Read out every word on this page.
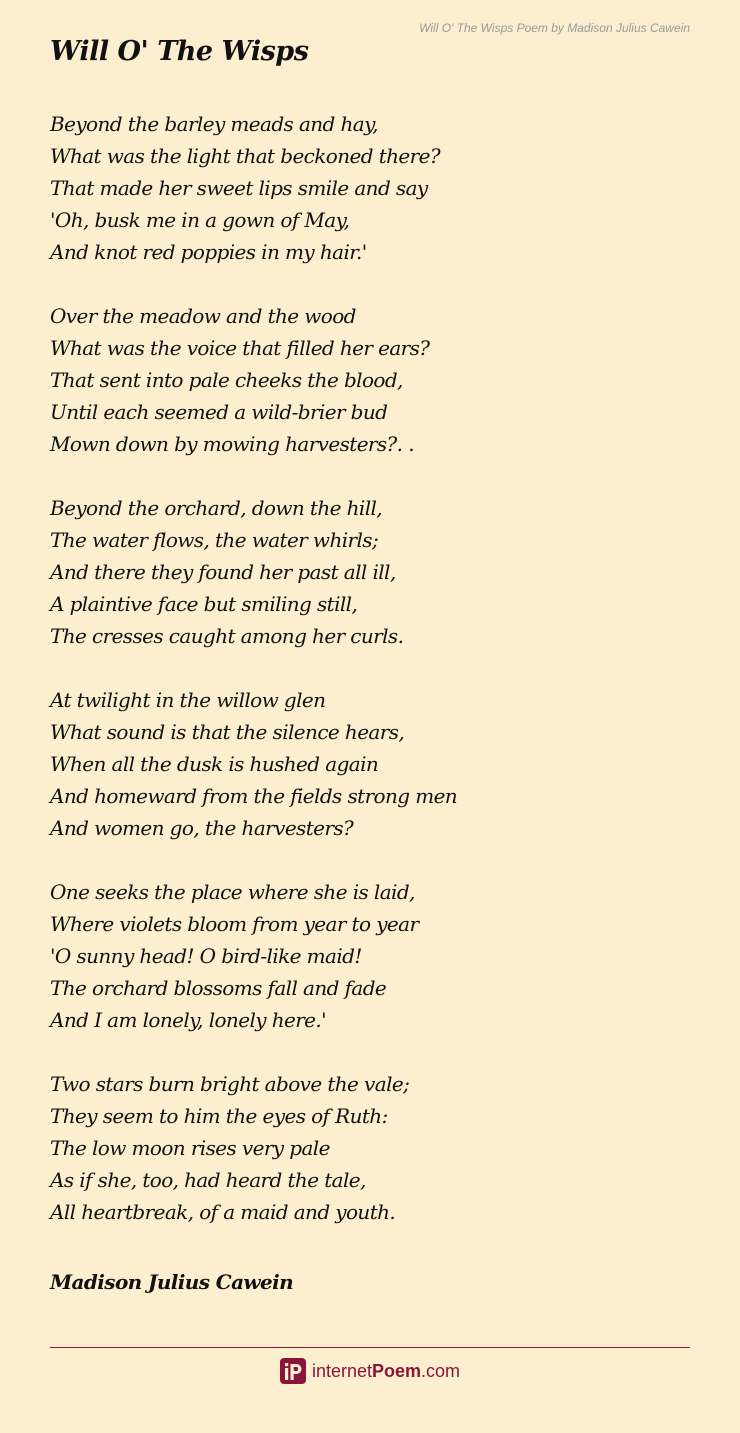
Will O' The Wisps Poem by Madison Julius Cawein
Will O' The Wisps
Beyond the barley meads and hay,
What was the light that beckoned there?
That made her sweet lips smile and say
'Oh, busk me in a gown of May,
And knot red poppies in my hair.'
Over the meadow and the wood
What was the voice that filled her ears?
That sent into pale cheeks the blood,
Until each seemed a wild-brier bud
Mown down by mowing harvesters?. .
Beyond the orchard, down the hill,
The water flows, the water whirls;
And there they found her past all ill,
A plaintive face but smiling still,
The cresses caught among her curls.
At twilight in the willow glen
What sound is that the silence hears,
When all the dusk is hushed again
And homeward from the fields strong men
And women go, the harvesters?
One seeks the place where she is laid,
Where violets bloom from year to year
'O sunny head! O bird-like maid!
The orchard blossoms fall and fade
And I am lonely, lonely here.'
Two stars burn bright above the vale;
They seem to him the eyes of Ruth:
The low moon rises very pale
As if she, too, had heard the tale,
All heartbreak, of a maid and youth.
Madison Julius Cawein
internetPoem.com
